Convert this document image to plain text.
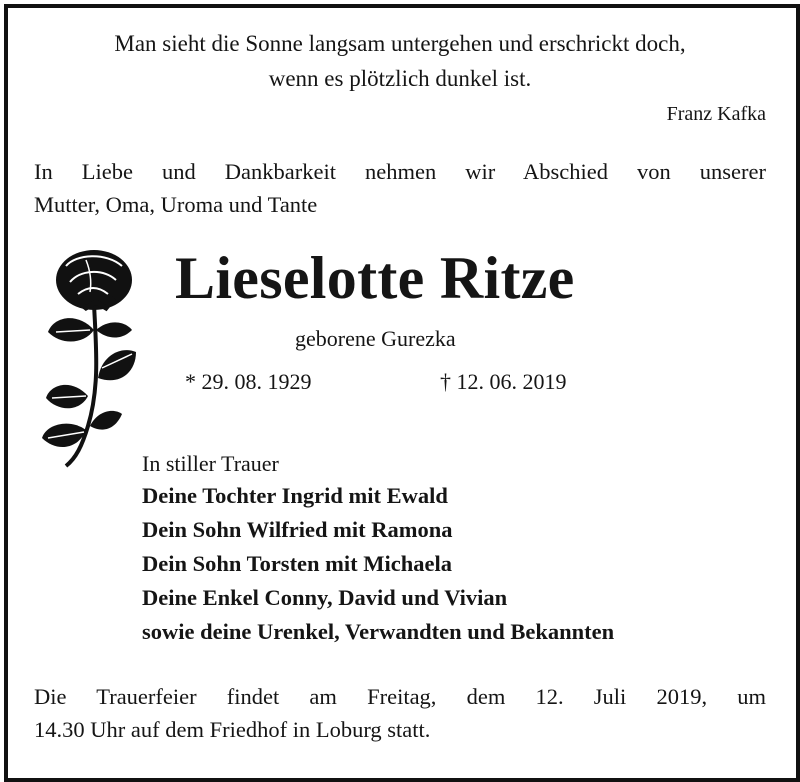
Man sieht die Sonne langsam untergehen und erschrickt doch,
wenn es plötzlich dunkel ist.
Franz Kafka
In Liebe und Dankbarkeit nehmen wir Abschied von unserer
Mutter, Oma, Uroma und Tante
Lieselotte Ritze
geborene Gurezka
* 29. 08. 1929	† 12. 06. 2019
In stiller Trauer
Deine Tochter Ingrid mit Ewald
Dein Sohn Wilfried mit Ramona
Dein Sohn Torsten mit Michaela
Deine Enkel Conny, David und Vivian
sowie deine Urenkel, Verwandten und Bekannten
Die Trauerfeier findet am Freitag, dem 12. Juli 2019, um
14.30 Uhr auf dem Friedhof in Loburg statt.
